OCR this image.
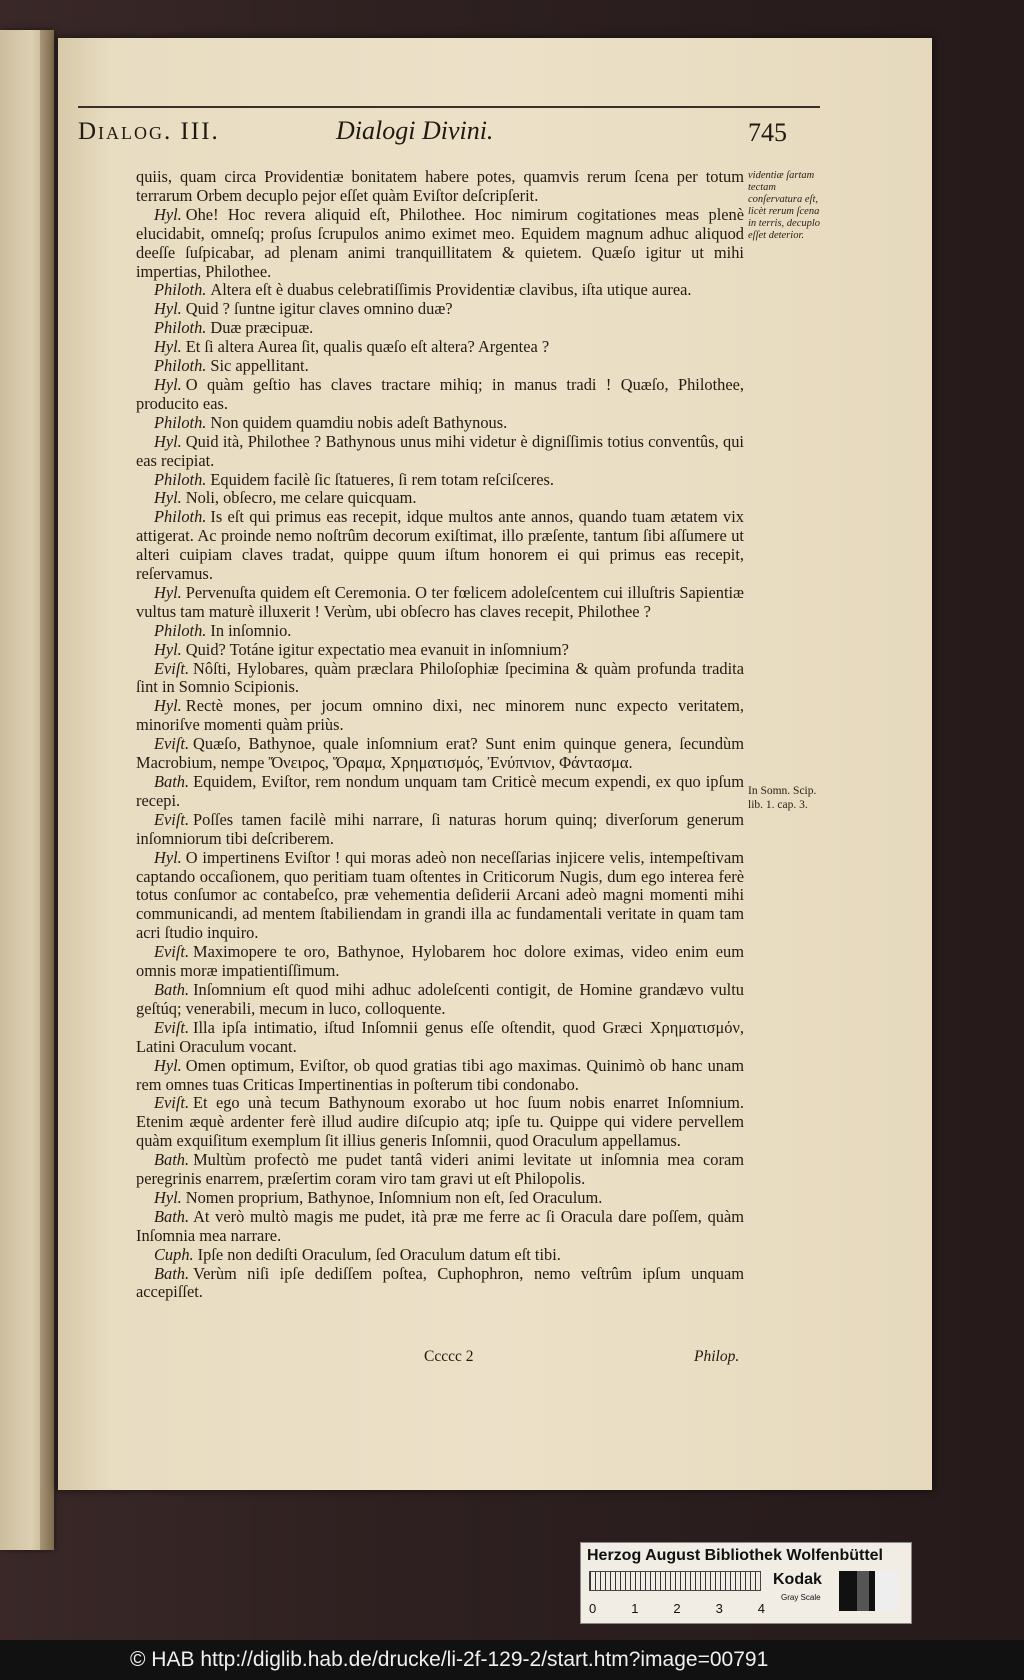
Dialog. III.	Dialogi Divini.	745

quiis, quam circa Providentiæ bonitatem habere potes, quamvis rerum ſcena per totum terrarum Orbem decuplo pejor eſſet quàm Eviſtor deſcripſerit.

Hyl. Ohe! Hoc revera aliquid eſt, Philothee. Hoc nimirum cogitationes meas plenè elucidabit, omneſq; proſus ſcrupulos animo eximet meo. Equidem magnum adhuc aliquod deeſſe ſuſpicabar, ad plenam animi tranquillitatem & quietem. Quæſo igitur ut mihi impertias, Philothee.

Philoth. Altera eſt è duabus celebratiſſimis Providentiæ clavibus, iſta utique aurea.

Hyl. Quid ? ſuntne igitur claves omnino duæ?

Philoth. Duæ præcipuæ.

Hyl. Et ſi altera Aurea ſit, qualis quæſo eſt altera? Argentea ?

Philoth. Sic appellitant.

Hyl. O quàm geſtio has claves tractare mihiq; in manus tradi ! Quæſo, Philothee, producito eas.

Philoth. Non quidem quamdiu nobis adeſt Bathynous.

Hyl. Quid ità, Philothee ? Bathynous unus mihi videtur è digniſſimis totius conventûs, qui eas recipiat.

Philoth. Equidem facilè ſic ſtatueres, ſi rem totam reſciſceres.

Hyl. Noli, obſecro, me celare quicquam.

Philoth. Is eſt qui primus eas recepit, idque multos ante annos, quando tuam ætatem vix attigerat. Ac proinde nemo noſtrûm decorum exiſtimat, illo præſente, tantum ſibi aſſumere ut alteri cuipiam claves tradat, quippe quum iſtum honorem ei qui primus eas recepit, reſervamus.

Hyl. Pervenuſta quidem eſt Ceremonia. O ter fœlicem adoleſcentem cui illuſtris Sapientiæ vultus tam maturè illuxerit ! Verùm, ubi obſecro has claves recepit, Philothee ?

Philoth. In inſomnio.

Hyl. Quid? Totáne igitur expectatio mea evanuit in inſomnium?

Eviſt. Nôſti, Hylobares, quàm præclara Philoſophiæ ſpecimina & quàm profunda tradita ſint in Somnio Scipionis.

Hyl. Rectè mones, per jocum omnino dixi, nec minorem nunc expecto veritatem, minoriſve momenti quàm priùs.

Eviſt. Quæſo, Bathynoe, quale inſomnium erat? Sunt enim quinque genera, ſecundùm Macrobium, nempe Ὄνειρος, Ὅραμα, Χρηματισμός, Ἐνύπνιον, Φάντασμα.

Bath. Equidem, Eviſtor, rem nondum unquam tam Criticè mecum expendi, ex quo ipſum recepi.

Eviſt. Poſſes tamen facilè mihi narrare, ſi naturas horum quinq; diverſorum generum inſomniorum tibi deſcriberem.

Hyl. O impertinens Eviſtor ! qui moras adeò non neceſſarias injicere velis, intempeſtivam captando occaſionem, quo peritiam tuam oſtentes in Criticorum Nugis, dum ego interea ferè totus conſumor ac contabeſco, præ vehementia deſiderii Arcani adeò magni momenti mihi communicandi, ad mentem ſtabiliendam in grandi illa ac fundamentali veritate in quam tam acri ſtudio inquiro.

Eviſt. Maximopere te oro, Bathynoe, Hylobarem hoc dolore eximas, video enim eum omnis moræ impatientiſſimum.

Bath. Inſomnium eſt quod mihi adhuc adoleſcenti contigit, de Homine grandævo vultu geſtúq; venerabili, mecum in luco, colloquente.

Eviſt. Illa ipſa intimatio, iſtud Inſomnii genus eſſe oſtendit, quod Græci Χρηματισμόν, Latini Oraculum vocant.

Hyl. Omen optimum, Eviſtor, ob quod gratias tibi ago maximas. Quinimò ob hanc unam rem omnes tuas Criticas Impertinentias in poſterum tibi condonabo.

Eviſt. Et ego unà tecum Bathynoum exorabo ut hoc ſuum nobis enarret Inſomnium. Etenim æquè ardenter ferè illud audire diſcupio atq; ipſe tu. Quippe qui videre pervellem quàm exquiſitum exemplum ſit illius generis Inſomnii, quod Oraculum appellamus.

Bath. Multùm profectò me pudet tantâ videri animi levitate ut inſomnia mea coram peregrinis enarrem, præſertim coram viro tam gravi ut eſt Philopolis.

Hyl. Nomen proprium, Bathynoe, Inſomnium non eſt, ſed Oraculum.

Bath. At verò multò magis me pudet, ità præ me ferre ac ſi Oracula dare poſſem, quàm Inſomnia mea narrare.

Cuph. Ipſe non dediſti Oraculum, ſed Oraculum datum eſt tibi.

Bath. Verùm niſi ipſe dediſſem poſtea, Cuphophron, nemo veſtrûm ipſum unquam accepiſſet.

videntiæ ſartam tectam conſervatura eſt, licèt rerum ſcena in terris, decuplo eſſet deterior.
In Somn. Scip. lib. 1. cap. 3.
Ccccc 2	Philop.
Herzog August Bibliothek Wolfenbüttel
0	1	2	3	4
Kodak
Gray Scale
© HAB http://diglib.hab.de/drucke/li-2f-129-2/start.htm?image=00791
